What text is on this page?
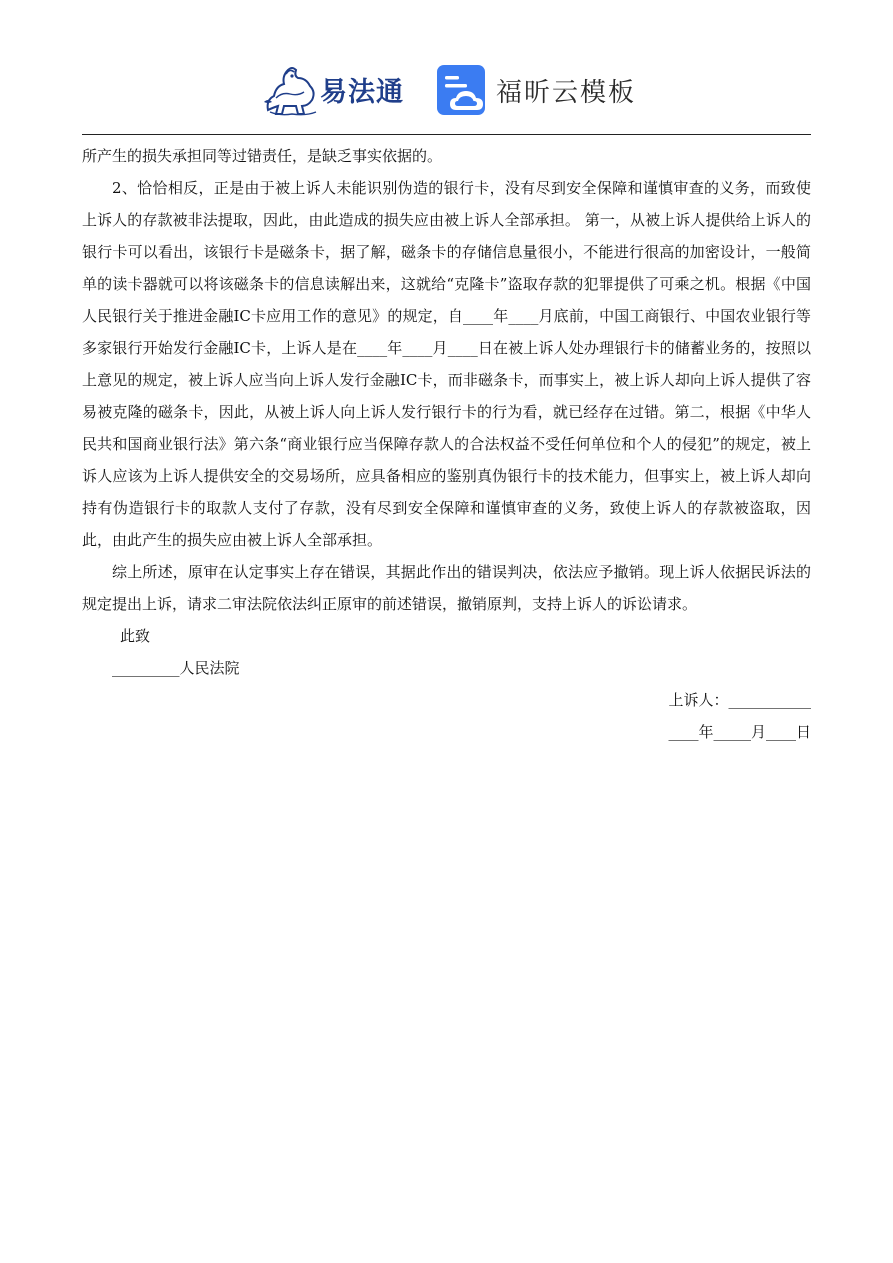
易法通	福昕云模板

所产生的损失承担同等过错责任，是缺乏事实依据的。

2、恰恰相反，正是由于被上诉人未能识别伪造的银行卡，没有尽到安全保障和谨慎审查的义务，而致使上诉人的存款被非法提取，因此，由此造成的损失应由被上诉人全部承担。 第一，从被上诉人提供给上诉人的银行卡可以看出，该银行卡是磁条卡，据了解，磁条卡的存储信息量很小，不能进行很高的加密设计，一般简单的读卡器就可以将该磁条卡的信息读解出来，这就给“克隆卡”盗取存款的犯罪提供了可乘之机。根据《中国人民银行关于推进金融IC卡应用工作的意见》的规定，自____年____月底前，中国工商银行、中国农业银行等多家银行开始发行金融IC卡，上诉人是在____年____月____日在被上诉人处办理银行卡的储蓄业务的，按照以上意见的规定，被上诉人应当向上诉人发行金融IC卡，而非磁条卡，而事实上，被上诉人却向上诉人提供了容易被克隆的磁条卡，因此，从被上诉人向上诉人发行银行卡的行为看，就已经存在过错。第二，根据《中华人民共和国商业银行法》第六条“商业银行应当保障存款人的合法权益不受任何单位和个人的侵犯”的规定，被上诉人应该为上诉人提供安全的交易场所，应具备相应的鉴别真伪银行卡的技术能力，但事实上，被上诉人却向持有伪造银行卡的取款人支付了存款，没有尽到安全保障和谨慎审查的义务，致使上诉人的存款被盗取，因此，由此产生的损失应由被上诉人全部承担。

综上所述，原审在认定事实上存在错误，其据此作出的错误判决，依法应予撤销。现上诉人依据民诉法的规定提出上诉，请求二审法院依法纠正原审的前述错误，撤销原判，支持上诉人的诉讼请求。

此致

_________人民法院

上诉人：___________

____年_____月____日
